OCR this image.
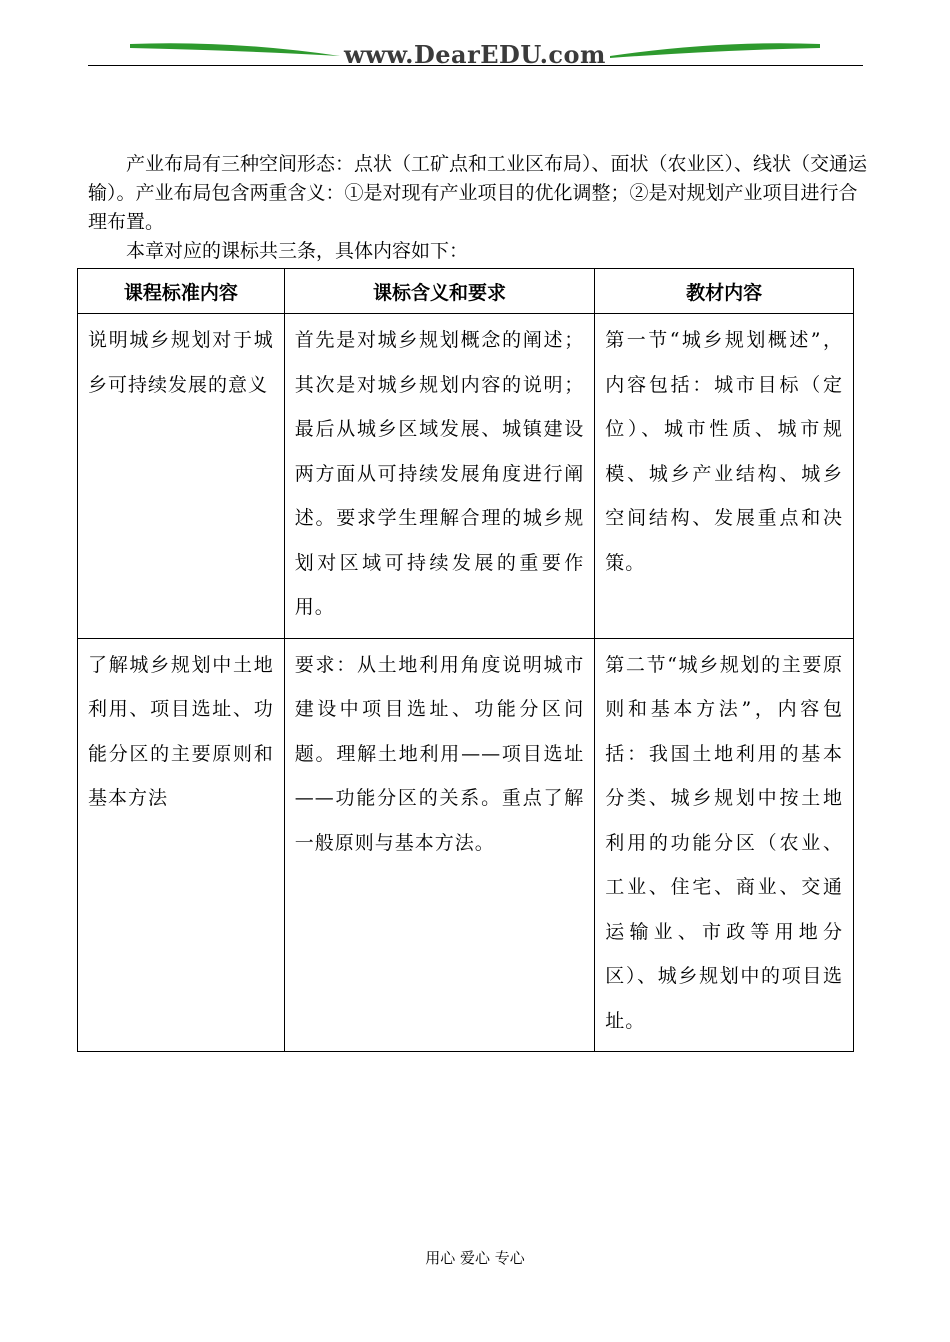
www.DearEDU.com

产业布局有三种空间形态：点状（工矿点和工业区布局）、面状（农业区）、线状（交通运输）。产业布局包含两重含义：①是对现有产业项目的优化调整；②是对规划产业项目进行合理布置。

本章对应的课标共三条，具体内容如下：

课程标准内容	课标含义和要求	教材内容
说明城乡规划对于城乡可持续发展的意义	首先是对城乡规划概念的阐述；其次是对城乡规划内容的说明；最后从城乡区域发展、城镇建设两方面从可持续发展角度进行阐述。要求学生理解合理的城乡规划对区域可持续发展的重要作用。	第一节“城乡规划概述”，内容包括：城市目标（定位）、城市性质、城市规模、城乡产业结构、城乡空间结构、发展重点和决策。
了解城乡规划中土地利用、项目选址、功能分区的主要原则和基本方法	要求：从土地利用角度说明城市建设中项目选址、功能分区问题。理解土地利用——项目选址——功能分区的关系。重点了解一般原则与基本方法。	第二节“城乡规划的主要原则和基本方法”，内容包括：我国土地利用的基本分类、城乡规划中按土地利用的功能分区（农业、工业、住宅、商业、交通运输业、市政等用地分区）、城乡规划中的项目选址。
用心 爱心 专心
